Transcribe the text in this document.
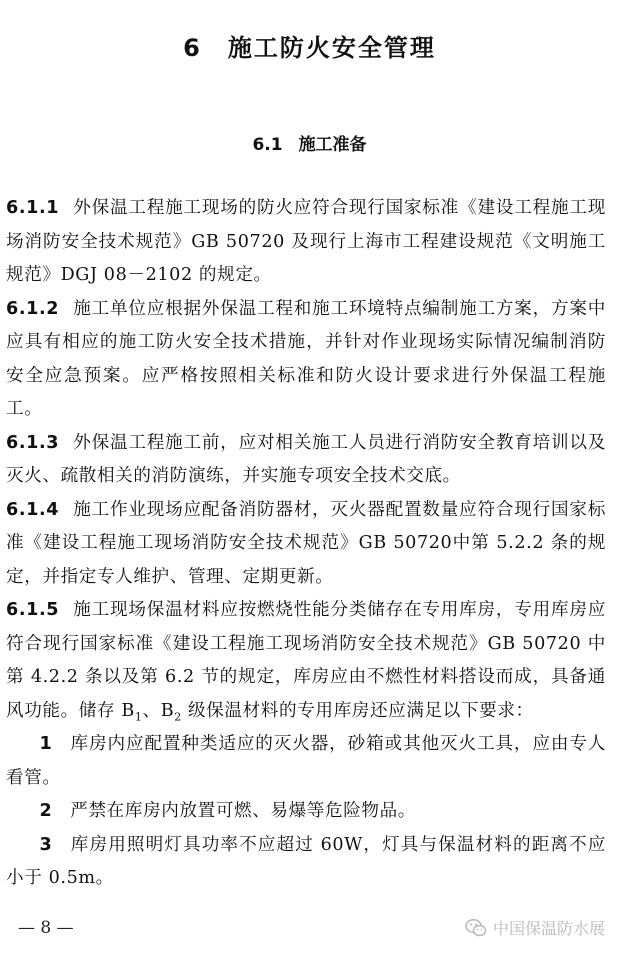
6 施工防火安全管理
6.1 施工准备

6.1.1 外保温工程施工现场的防火应符合现行国家标准《建设工程施工现场消防安全技术规范》GB 50720 及现行上海市工程建设规范《文明施工规范》DGJ 08－2102 的规定。

6.1.2 施工单位应根据外保温工程和施工环境特点编制施工方案，方案中应具有相应的施工防火安全技术措施，并针对作业现场实际情况编制消防安全应急预案。应严格按照相关标准和防火设计要求进行外保温工程施工。

6.1.3 外保温工程施工前，应对相关施工人员进行消防安全教育培训以及灭火、疏散相关的消防演练，并实施专项安全技术交底。

6.1.4 施工作业现场应配备消防器材，灭火器配置数量应符合现行国家标准《建设工程施工现场消防安全技术规范》GB 50720中第 5.2.2 条的规定，并指定专人维护、管理、定期更新。

6.1.5 施工现场保温材料应按燃烧性能分类储存在专用库房，专用库房应符合现行国家标准《建设工程施工现场消防安全技术规范》GB 50720 中第 4.2.2 条以及第 6.2 节的规定，库房应由不燃性材料搭设而成，具备通风功能。储存 $B_1$、$B_2$ 级保温材料的专用库房还应满足以下要求：

1 库房内应配置种类适应的灭火器，砂箱或其他灭火工具，应由专人看管。

2 严禁在库房内放置可燃、易爆等危险物品。

3 库房用照明灯具功率不应超过 60W，灯具与保温材料的距离不应小于 0.5m。

— 8 —	中国保温防水展
